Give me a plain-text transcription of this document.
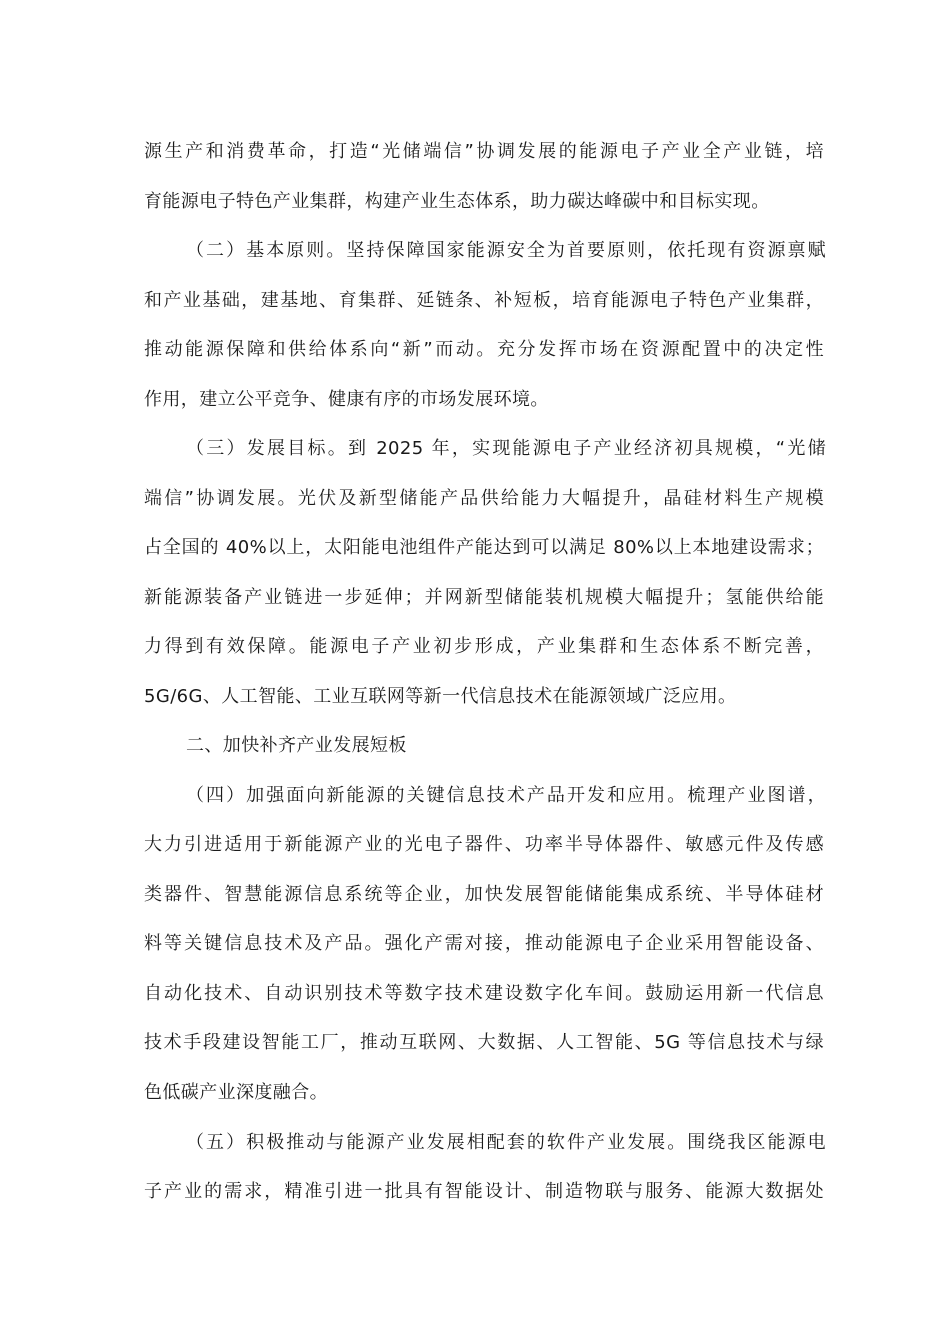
源生产和消费革命，打造“光储端信”协调发展的能源电子产业全产业链，培
育能源电子特色产业集群，构建产业生态体系，助力碳达峰碳中和目标实现。
（二）基本原则。坚持保障国家能源安全为首要原则，依托现有资源禀赋
和产业基础，建基地、育集群、延链条、补短板，培育能源电子特色产业集群，
推动能源保障和供给体系向“新”而动。充分发挥市场在资源配置中的决定性
作用，建立公平竞争、健康有序的市场发展环境。
（三）发展目标。到 2025 年，实现能源电子产业经济初具规模，“光储
端信”协调发展。光伏及新型储能产品供给能力大幅提升，晶硅材料生产规模
占全国的 40%以上，太阳能电池组件产能达到可以满足 80%以上本地建设需求；
新能源装备产业链进一步延伸；并网新型储能装机规模大幅提升；氢能供给能
力得到有效保障。能源电子产业初步形成，产业集群和生态体系不断完善，
5G/6G、人工智能、工业互联网等新一代信息技术在能源领域广泛应用。
二、加快补齐产业发展短板
（四）加强面向新能源的关键信息技术产品开发和应用。梳理产业图谱，
大力引进适用于新能源产业的光电子器件、功率半导体器件、敏感元件及传感
类器件、智慧能源信息系统等企业，加快发展智能储能集成系统、半导体硅材
料等关键信息技术及产品。强化产需对接，推动能源电子企业采用智能设备、
自动化技术、自动识别技术等数字技术建设数字化车间。鼓励运用新一代信息
技术手段建设智能工厂，推动互联网、大数据、人工智能、5G 等信息技术与绿
色低碳产业深度融合。
（五）积极推动与能源产业发展相配套的软件产业发展。围绕我区能源电
子产业的需求，精准引进一批具有智能设计、制造物联与服务、能源大数据处
